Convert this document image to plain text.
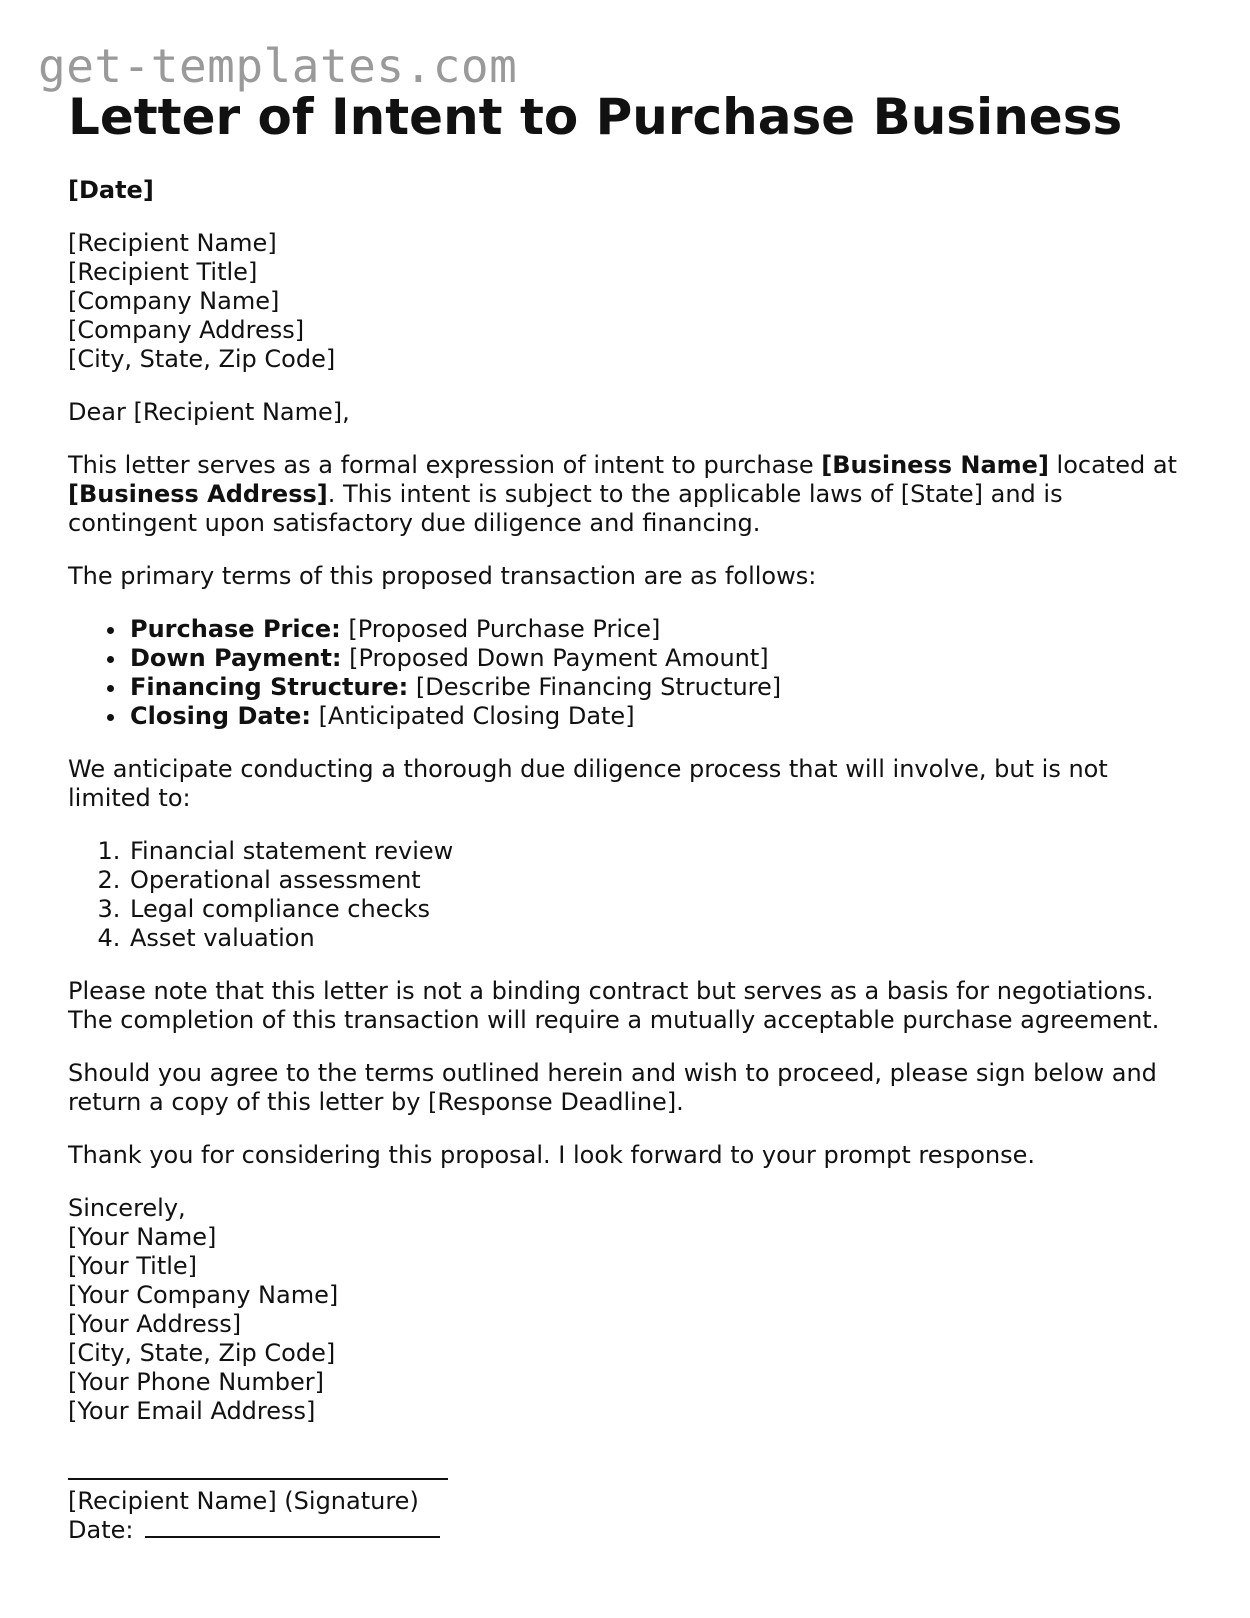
get-templates.com
Letter of Intent to Purchase Business

[Date]

[Recipient Name]

[Recipient Title]

[Company Name]

[Company Address]

[City, State, Zip Code]

Dear [Recipient Name],

This letter serves as a formal expression of intent to purchase [Business Name] located at [Business Address]. This intent is subject to the applicable laws of [State] and is contingent upon satisfactory due diligence and financing.

The primary terms of this proposed transaction are as follows:

• Purchase Price: [Proposed Purchase Price]
• Down Payment: [Proposed Down Payment Amount]
• Financing Structure: [Describe Financing Structure]
• Closing Date: [Anticipated Closing Date]

We anticipate conducting a thorough due diligence process that will involve, but is not limited to:

1. Financial statement review
2. Operational assessment
3. Legal compliance checks
4. Asset valuation

Please note that this letter is not a binding contract but serves as a basis for negotiations. The completion of this transaction will require a mutually acceptable purchase agreement.

Should you agree to the terms outlined herein and wish to proceed, please sign below and return a copy of this letter by [Response Deadline].

Thank you for considering this proposal. I look forward to your prompt response.

Sincerely,

[Your Name]

[Your Title]

[Your Company Name]

[Your Address]

[City, State, Zip Code]

[Your Phone Number]

[Your Email Address]

[Recipient Name] (Signature)

Date:
